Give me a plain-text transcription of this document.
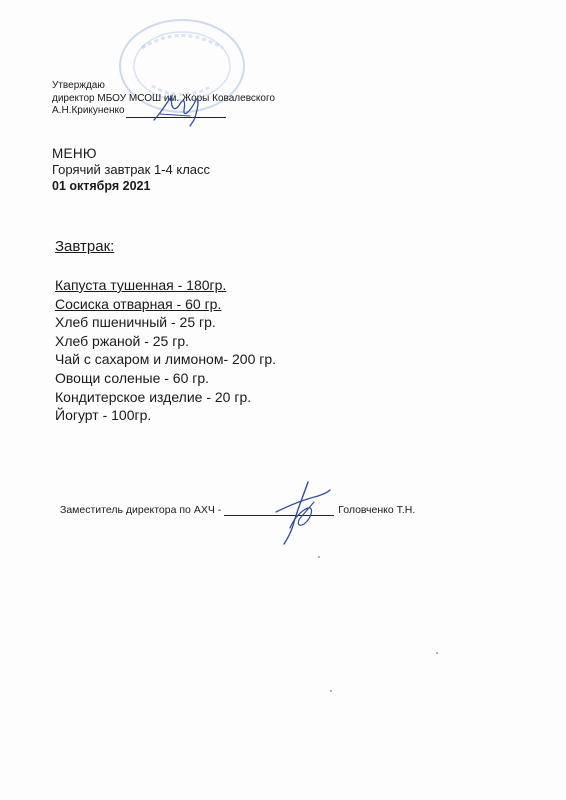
Утверждаю
директор МБОУ МСОШ им. Жоры Ковалевского
А.Н.Крикуненко
МЕНЮ
Горячий завтрак 1-4 класс
01 октября 2021
Завтрак:
Капуста тушенная - 180гр.
Сосиска отварная - 60 гр.
Хлеб пшеничный - 25 гр.
Хлеб ржаной - 25 гр.
Чай с сахаром и лимоном- 200 гр.
Овощи соленые - 60 гр.
Кондитерское изделие - 20 гр.
Йогурт - 100гр.
Заместитель директора по АХЧ -	Головченко Т.Н.
